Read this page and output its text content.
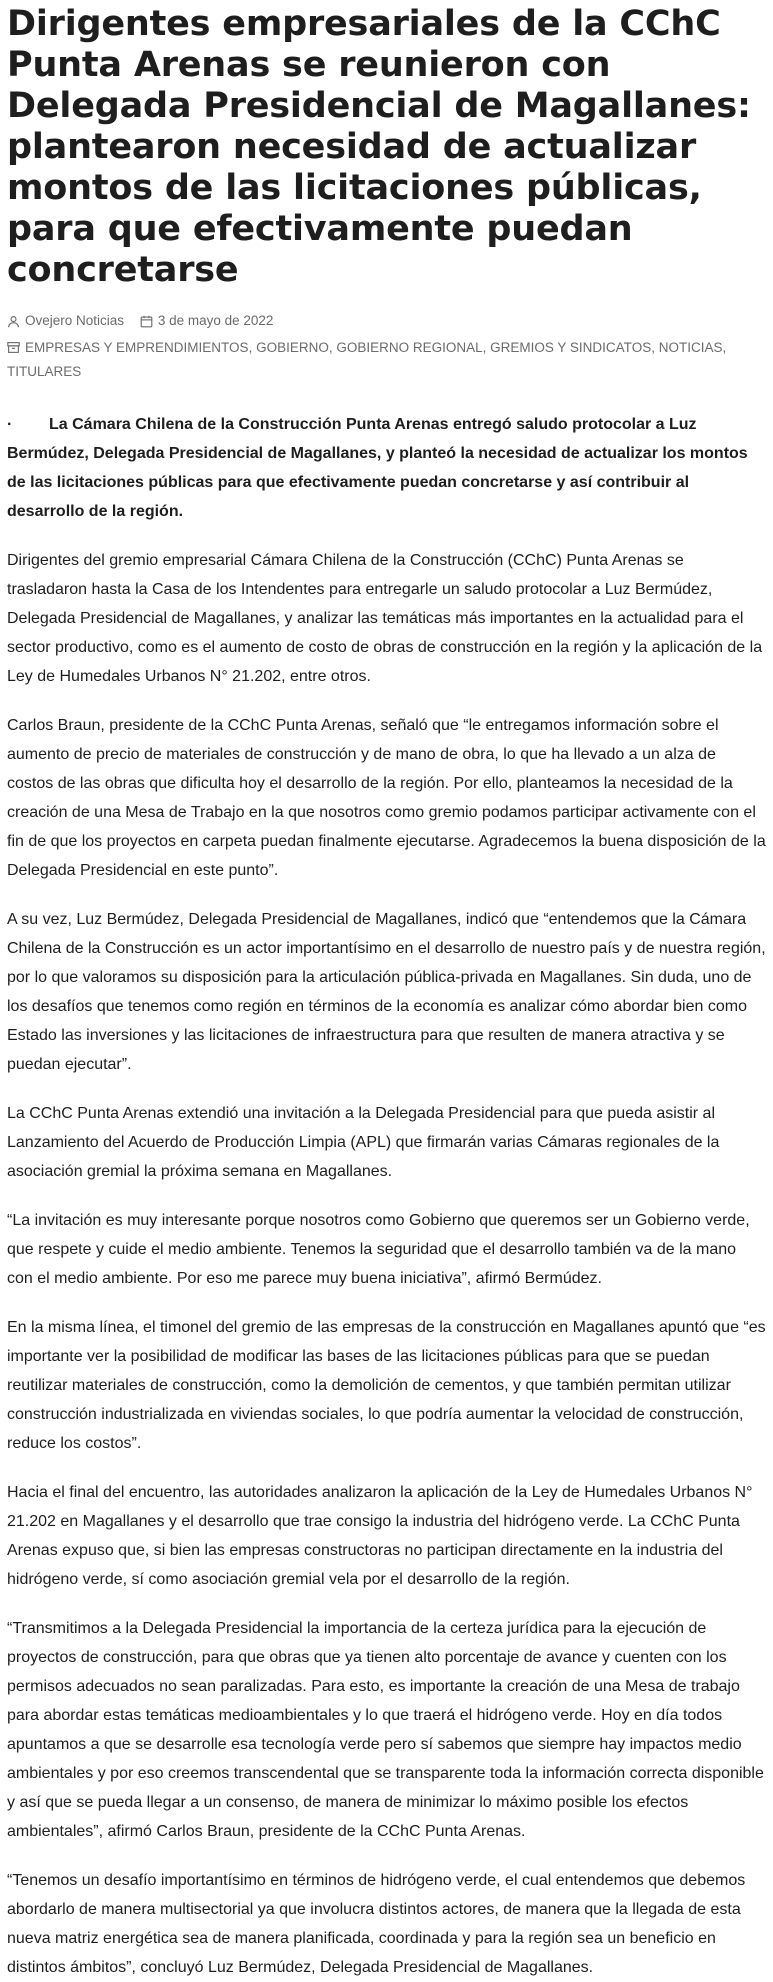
Dirigentes empresariales de la CChC Punta Arenas se reunieron con Delegada Presidencial de Magallanes: plantearon necesidad de actualizar montos de las licitaciones públicas, para que efectivamente puedan concretarse
Ovejero Noticias
	3 de mayo de 2022
EMPRESAS Y EMPRENDIMIENTOS, GOBIERNO, GOBIERNO REGIONAL, GREMIOS Y SINDICATOS, NOTICIAS, TITULARES

· La Cámara Chilena de la Construcción Punta Arenas entregó saludo protocolar a Luz Bermúdez, Delegada Presidencial de Magallanes, y planteó la necesidad de actualizar los montos de las licitaciones públicas para que efectivamente puedan concretarse y así contribuir al desarrollo de la región.

Dirigentes del gremio empresarial Cámara Chilena de la Construcción (CChC) Punta Arenas se trasladaron hasta la Casa de los Intendentes para entregarle un saludo protocolar a Luz Bermúdez, Delegada Presidencial de Magallanes, y analizar las temáticas más importantes en la actualidad para el sector productivo, como es el aumento de costo de obras de construcción en la región y la aplicación de la Ley de Humedales Urbanos N° 21.202, entre otros.

Carlos Braun, presidente de la CChC Punta Arenas, señaló que “le entregamos información sobre el aumento de precio de materiales de construcción y de mano de obra, lo que ha llevado a un alza de costos de las obras que dificulta hoy el desarrollo de la región. Por ello, planteamos la necesidad de la creación de una Mesa de Trabajo en la que nosotros como gremio podamos participar activamente con el fin de que los proyectos en carpeta puedan finalmente ejecutarse. Agradecemos la buena disposición de la Delegada Presidencial en este punto”.

A su vez, Luz Bermúdez, Delegada Presidencial de Magallanes, indicó que “entendemos que la Cámara Chilena de la Construcción es un actor importantísimo en el desarrollo de nuestro país y de nuestra región, por lo que valoramos su disposición para la articulación pública-privada en Magallanes. Sin duda, uno de los desafíos que tenemos como región en términos de la economía es analizar cómo abordar bien como Estado las inversiones y las licitaciones de infraestructura para que resulten de manera atractiva y se puedan ejecutar”.

La CChC Punta Arenas extendió una invitación a la Delegada Presidencial para que pueda asistir al Lanzamiento del Acuerdo de Producción Limpia (APL) que firmarán varias Cámaras regionales de la asociación gremial la próxima semana en Magallanes.

“La invitación es muy interesante porque nosotros como Gobierno que queremos ser un Gobierno verde, que respete y cuide el medio ambiente. Tenemos la seguridad que el desarrollo también va de la mano con el medio ambiente. Por eso me parece muy buena iniciativa”, afirmó Bermúdez.

En la misma línea, el timonel del gremio de las empresas de la construcción en Magallanes apuntó que “es importante ver la posibilidad de modificar las bases de las licitaciones públicas para que se puedan reutilizar materiales de construcción, como la demolición de cementos, y que también permitan utilizar construcción industrializada en viviendas sociales, lo que podría aumentar la velocidad de construcción, reduce los costos”.

Hacia el final del encuentro, las autoridades analizaron la aplicación de la Ley de Humedales Urbanos N° 21.202 en Magallanes y el desarrollo que trae consigo la industria del hidrógeno verde. La CChC Punta Arenas expuso que, si bien las empresas constructoras no participan directamente en la industria del hidrógeno verde, sí como asociación gremial vela por el desarrollo de la región.

“Transmitimos a la Delegada Presidencial la importancia de la certeza jurídica para la ejecución de proyectos de construcción, para que obras que ya tienen alto porcentaje de avance y cuenten con los permisos adecuados no sean paralizadas. Para esto, es importante la creación de una Mesa de trabajo para abordar estas temáticas medioambientales y lo que traerá el hidrógeno verde. Hoy en día todos apuntamos a que se desarrolle esa tecnología verde pero sí sabemos que siempre hay impactos medio ambientales y por eso creemos transcendental que se transparente toda la información correcta disponible y así que se pueda llegar a un consenso, de manera de minimizar lo máximo posible los efectos ambientales”, afirmó Carlos Braun, presidente de la CChC Punta Arenas.

“Tenemos un desafío importantísimo en términos de hidrógeno verde, el cual entendemos que debemos abordarlo de manera multisectorial ya que involucra distintos actores, de manera que la llegada de esta nueva matriz energética sea de manera planificada, coordinada y para la región sea un beneficio en distintos ámbitos”, concluyó Luz Bermúdez, Delegada Presidencial de Magallanes.
